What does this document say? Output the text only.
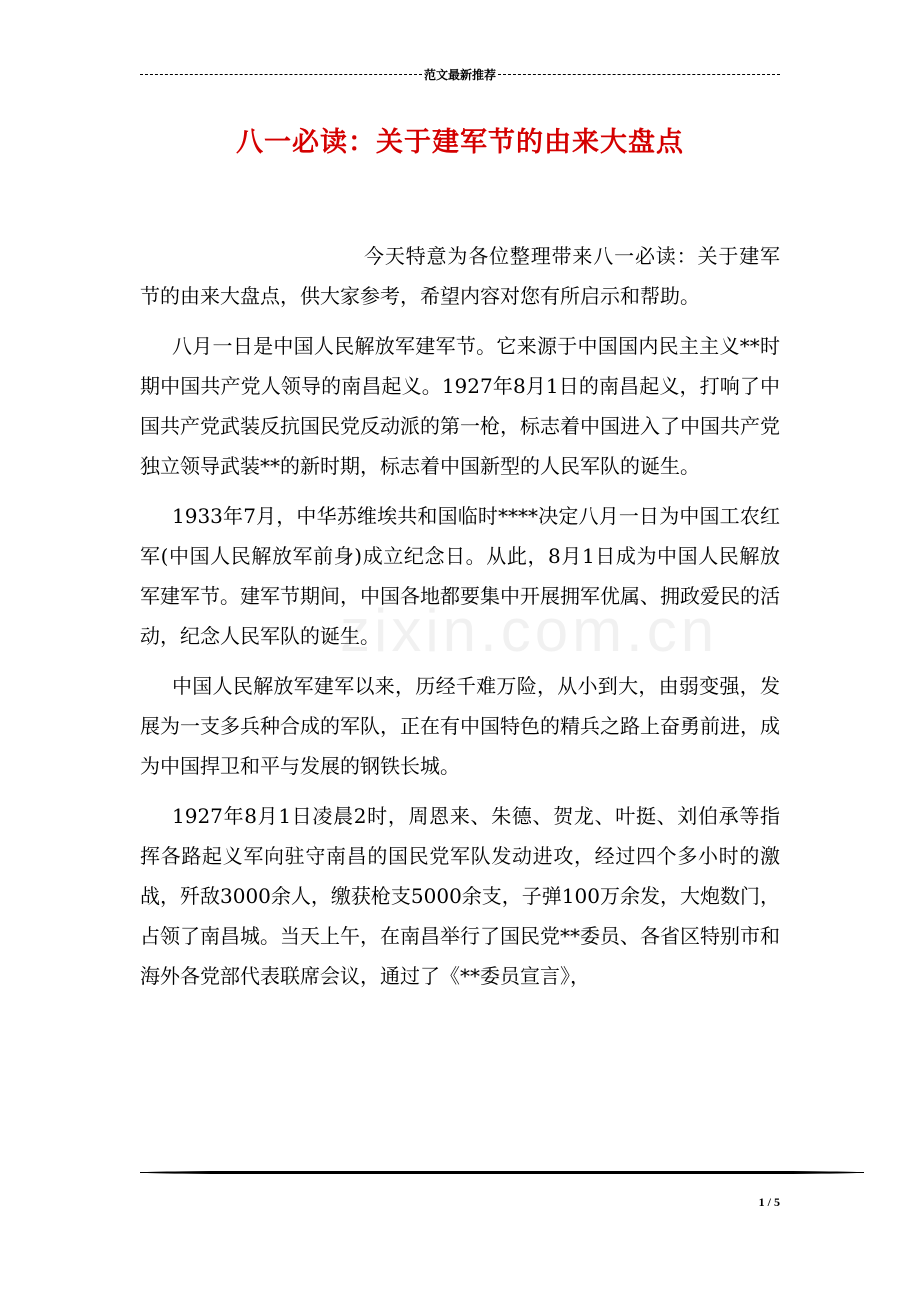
范文最新推荐
八一必读：关于建军节的由来大盘点

今天特意为各位整理带来八一必读：关于建军节的由来大盘点，供大家参考，希望内容对您有所启示和帮助。

八月一日是中国人民解放军建军节。它来源于中国国内民主主义**时期中国共产党人领导的南昌起义。1927年8月1日的南昌起义，打响了中国共产党武装反抗国民党反动派的第一枪，标志着中国进入了中国共产党独立领导武装**的新时期，标志着中国新型的人民军队的诞生。

1933年7月，中华苏维埃共和国临时****决定八月一日为中国工农红军(中国人民解放军前身)成立纪念日。从此，8月1日成为中国人民解放军建军节。建军节期间，中国各地都要集中开展拥军优属、拥政爱民的活动，纪念人民军队的诞生。

中国人民解放军建军以来，历经千难万险，从小到大，由弱变强，发展为一支多兵种合成的军队，正在有中国特色的精兵之路上奋勇前进，成为中国捍卫和平与发展的钢铁长城。

1927年8月1日凌晨2时，周恩来、朱德、贺龙、叶挺、刘伯承等指挥各路起义军向驻守南昌的国民党军队发动进攻，经过四个多小时的激战，歼敌3000余人，缴获枪支5000余支，子弹100万余发，大炮数门，占领了南昌城。当天上午，在南昌举行了国民党**委员、各省区特别市和海外各党部代表联席会议，通过了《**委员宣言》，

zixin.com.cn
1 / 5
